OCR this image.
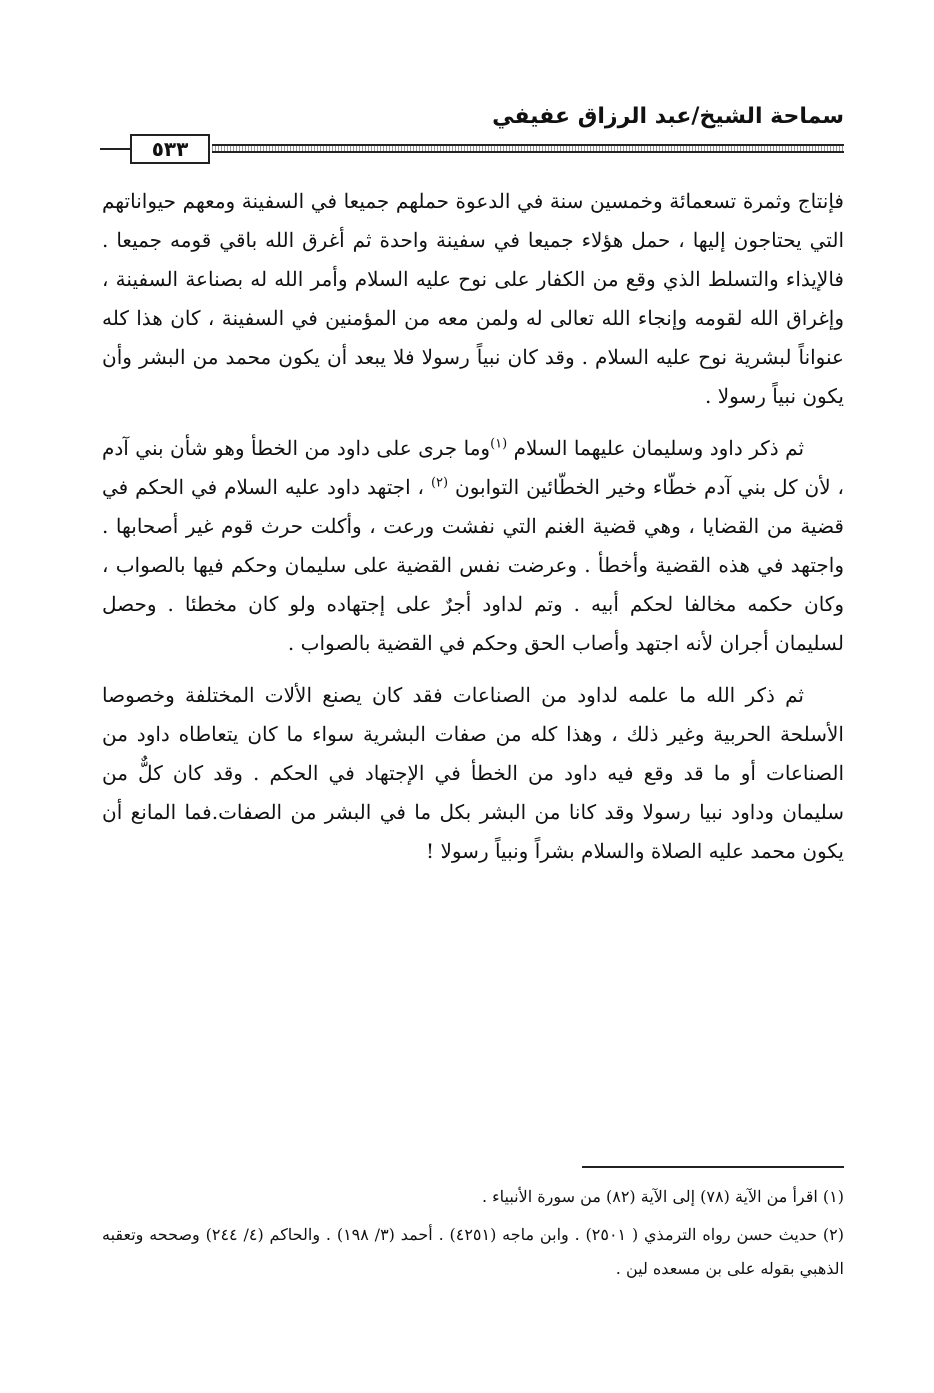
سماحة الشيخ/عبد الرزاق عفيفي
٥٣٣

فإنتاج وثمرة تسعمائة وخمسين سنة في الدعوة حملهم جميعا في السفينة ومعهم حيواناتهم التي يحتاجون إليها ، حمل هؤلاء جميعا في سفينة واحدة ثم أغرق الله باقي قومه جميعا . فالإيذاء والتسلط الذي وقع من الكفار على نوح عليه السلام وأمر الله له بصناعة السفينة ، وإغراق الله لقومه وإنجاء الله تعالى له ولمن معه من المؤمنين في السفينة ، كان هذا كله عنواناً لبشرية نوح عليه السلام . وقد كان نبياً رسولا فلا يبعد أن يكون محمد من البشر وأن يكون نبياً رسولا .

ثم ذكر داود وسليمان عليهما السلام $^{(١)}$وما جرى على داود من الخطأ وهو شأن بني آدم ، لأن كل بني آدم خطّاء وخير الخطّائين التوابون $^{(٢)}$ ، اجتهد داود عليه السلام في الحكم في قضية من القضايا ، وهي قضية الغنم التي نفشت ورعت ، وأكلت حرث قوم غير أصحابها . واجتهد في هذه القضية وأخطأ . وعرضت نفس القضية على سليمان وحكم فيها بالصواب ، وكان حكمه مخالفا لحكم أبيه . وتم لداود أجرٌ على إجتهاده ولو كان مخطئا . وحصل لسليمان أجران لأنه اجتهد وأصاب الحق وحكم في القضية بالصواب .

ثم ذكر الله ما علمه لداود من الصناعات فقد كان يصنع الألات المختلفة وخصوصا الأسلحة الحربية وغير ذلك ، وهذا كله من صفات البشرية سواء ما كان يتعاطاه داود من الصناعات أو ما قد وقع فيه داود من الخطأ في الإجتهاد في الحكم . وقد كان كلٌّ من سليمان وداود نبيا رسولا وقد كانا من البشر بكل ما في البشر من الصفات.فما المانع أن يكون محمد عليه الصلاة والسلام بشراً ونبياً رسولا !

(١) اقرأ من الآية (٧٨) إلى الآية (٨٢) من سورة الأنبياء .

(٢) حديث حسن رواه الترمذي ( ٢٥٠١) . وابن ماجه (٤٢٥١) . أحمد (٣/ ١٩٨) . والحاكم (٤/ ٢٤٤) وصححه وتعقبه الذهبي بقوله على بن مسعده لين .
